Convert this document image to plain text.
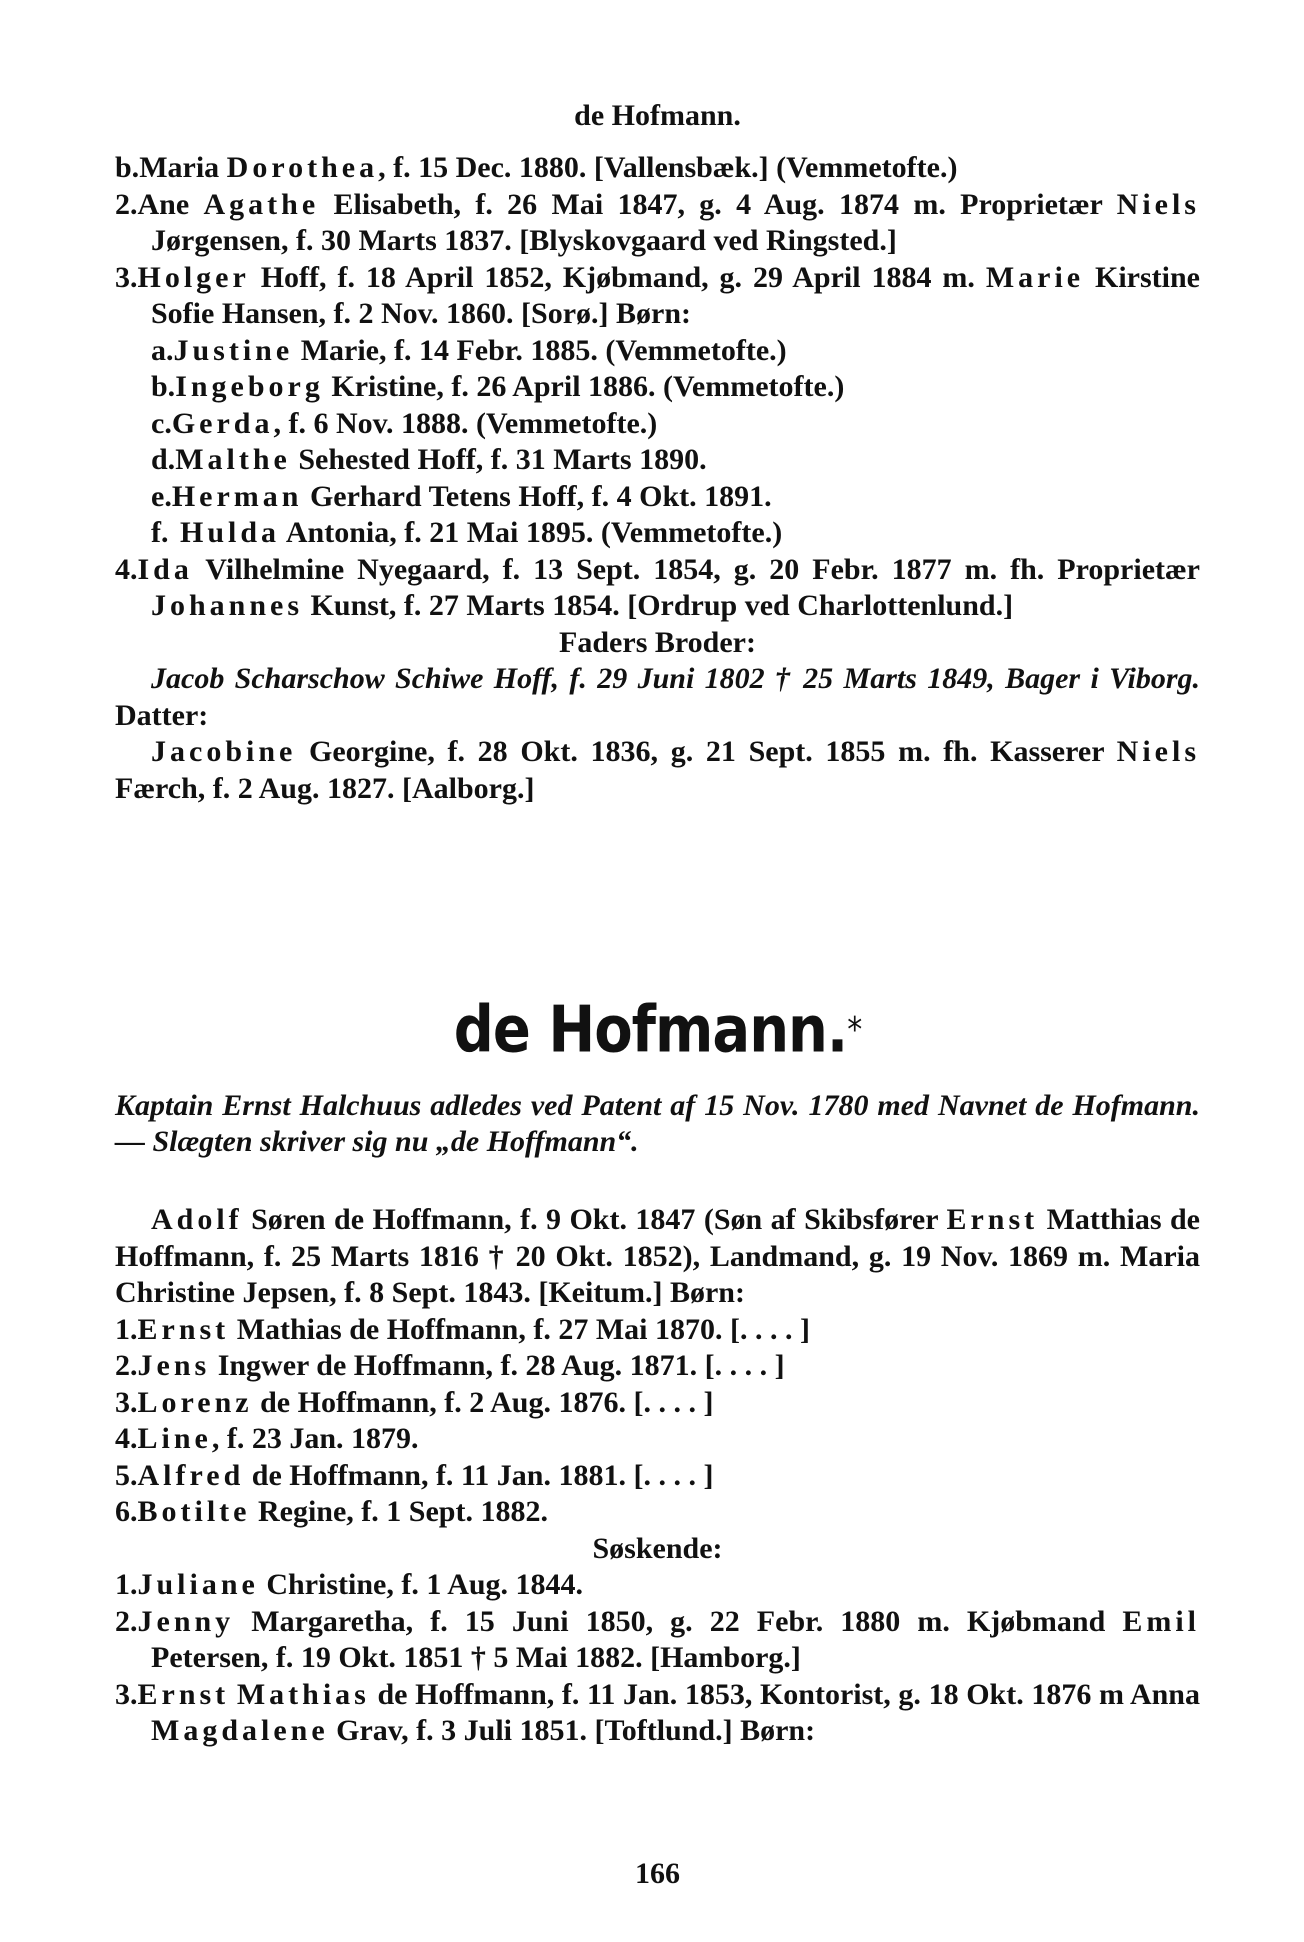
de Hofmann.
b.Maria Dorothea, f. 15 Dec. 1880. [Vallensbæk.] (Vemmetofte.)
2.Ane Agathe Elisabeth, f. 26 Mai 1847, g. 4 Aug. 1874 m. Proprietær Niels Jørgensen, f. 30 Marts 1837. [Blyskovgaard ved Ringsted.]
3.Holger Hoff, f. 18 April 1852, Kjøbmand, g. 29 April 1884 m. Marie Kirstine Sofie Hansen, f. 2 Nov. 1860. [Sorø.] Børn:
a.Justine Marie, f. 14 Febr. 1885. (Vemmetofte.)
b.Ingeborg Kristine, f. 26 April 1886. (Vemmetofte.)
c.Gerda, f. 6 Nov. 1888. (Vemmetofte.)
d.Malthe Sehested Hoff, f. 31 Marts 1890.
e.Herman Gerhard Tetens Hoff, f. 4 Okt. 1891.
f. Hulda Antonia, f. 21 Mai 1895. (Vemmetofte.)
4.Ida Vilhelmine Nyegaard, f. 13 Sept. 1854, g. 20 Febr. 1877 m. fh. Proprietær Johannes Kunst, f. 27 Marts 1854. [Ordrup ved Charlottenlund.]
Faders Broder:
Jacob Scharschow Schiwe Hoff, f. 29 Juni 1802 † 25 Marts 1849, Bager i Viborg. Datter:
Jacobine Georgine, f. 28 Okt. 1836, g. 21 Sept. 1855 m. fh. Kasserer Niels Færch, f. 2 Aug. 1827. [Aalborg.]
de Hofmann.*
Kaptain Ernst Halchuus adledes ved Patent af 15 Nov. 1780 med Navnet de Hofmann. — Slægten skriver sig nu „de Hoffmann“.
Adolf Søren de Hoffmann, f. 9 Okt. 1847 (Søn af Skibsfører Ernst Matthias de Hoffmann, f. 25 Marts 1816 † 20 Okt. 1852), Landmand, g. 19 Nov. 1869 m. Maria Christine Jepsen, f. 8 Sept. 1843. [Keitum.] Børn:
1.Ernst Mathias de Hoffmann, f. 27 Mai 1870. [. . . . ]
2.Jens Ingwer de Hoffmann, f. 28 Aug. 1871. [. . . . ]
3.Lorenz de Hoffmann, f. 2 Aug. 1876. [. . . . ]
4.Line, f. 23 Jan. 1879.
5.Alfred de Hoffmann, f. 11 Jan. 1881. [. . . . ]
6.Botilte Regine, f. 1 Sept. 1882.
Søskende:
1.Juliane Christine, f. 1 Aug. 1844.
2.Jenny Margaretha, f. 15 Juni 1850, g. 22 Febr. 1880 m. Kjøbmand Emil Petersen, f. 19 Okt. 1851 † 5 Mai 1882. [Hamborg.]
3.Ernst Mathias de Hoffmann, f. 11 Jan. 1853, Kontorist, g. 18 Okt. 1876 m Anna Magdalene Grav, f. 3 Juli 1851. [Toftlund.] Børn:
166
